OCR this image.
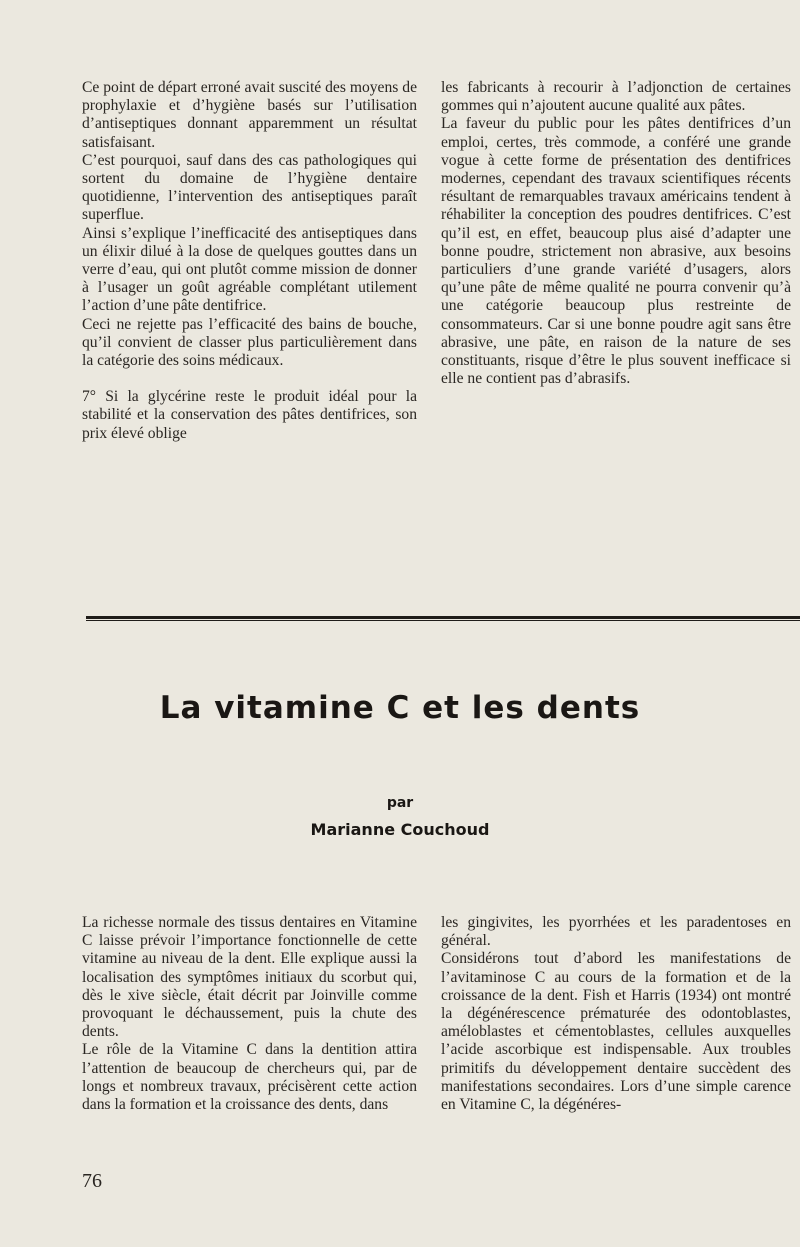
Ce point de départ erroné avait suscité des moyens de prophylaxie et d’hygiène basés sur l’utilisation d’antiseptiques donnant apparemment un résultat satisfaisant.

C’est pourquoi, sauf dans des cas pathologiques qui sortent du domaine de l’hygiène dentaire quotidienne, l’intervention des antiseptiques paraît superflue.

Ainsi s’explique l’inefficacité des antiseptiques dans un élixir dilué à la dose de quelques gouttes dans un verre d’eau, qui ont plutôt comme mission de donner à l’usager un goût agréable complétant utilement l’action d’une pâte dentifrice.

Ceci ne rejette pas l’efficacité des bains de bouche, qu’il convient de classer plus particulièrement dans la catégorie des soins médicaux.

7° Si la glycérine reste le produit idéal pour la stabilité et la conservation des pâtes dentifrices, son prix élevé oblige

les fabricants à recourir à l’adjonction de certaines gommes qui n’ajoutent aucune qualité aux pâtes.

La faveur du public pour les pâtes dentifrices d’un emploi, certes, très commode, a conféré une grande vogue à cette forme de présentation des dentifrices modernes, cependant des travaux scientifiques récents résultant de remarquables travaux américains tendent à réhabiliter la conception des poudres dentifrices. C’est qu’il est, en effet, beaucoup plus aisé d’adapter une bonne poudre, strictement non abrasive, aux besoins particuliers d’une grande variété d’usagers, alors qu’une pâte de même qualité ne pourra convenir qu’à une catégorie beaucoup plus restreinte de consommateurs. Car si une bonne poudre agit sans être abrasive, une pâte, en raison de la nature de ses constituants, risque d’être le plus souvent inefficace si elle ne contient pas d’abrasifs.

La vitamine C et les dents
par
Marianne Couchoud

La richesse normale des tissus dentaires en Vitamine C laisse prévoir l’importance fonctionnelle de cette vitamine au niveau de la dent. Elle explique aussi la localisation des symptômes initiaux du scorbut qui, dès le xive siècle, était décrit par Joinville comme provoquant le déchaussement, puis la chute des dents.

Le rôle de la Vitamine C dans la dentition attira l’attention de beaucoup de chercheurs qui, par de longs et nombreux travaux, précisèrent cette action dans la formation et la croissance des dents, dans

les gingivites, les pyorrhées et les paradentoses en général.

Considérons tout d’abord les manifestations de l’avitaminose C au cours de la formation et de la croissance de la dent. Fish et Harris (1934) ont montré la dégénérescence prématurée des odontoblastes, améloblastes et cémentoblastes, cellules auxquelles l’acide ascorbique est indispensable. Aux troubles primitifs du développement dentaire succèdent des manifestations secondaires. Lors d’une simple carence en Vitamine C, la dégénéres-

76
